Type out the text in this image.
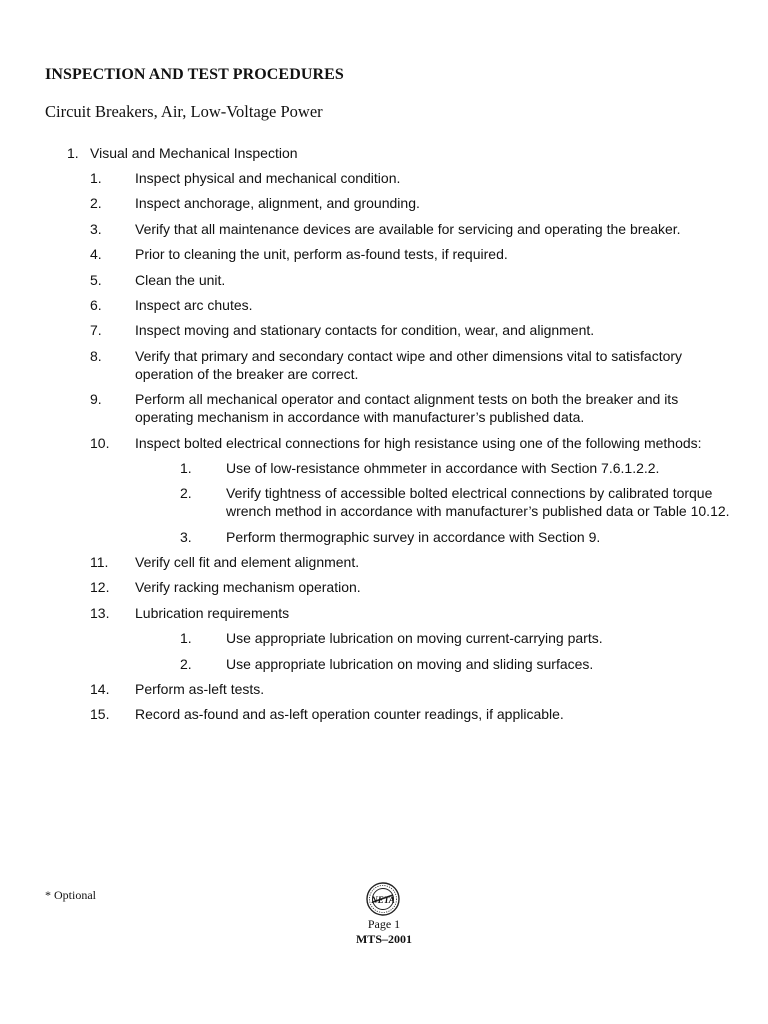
INSPECTION AND TEST PROCEDURES
Circuit Breakers, Air, Low-Voltage Power
1. Visual and Mechanical Inspection
1. Inspect physical and mechanical condition.
2. Inspect anchorage, alignment, and grounding.
3. Verify that all maintenance devices are available for servicing and operating the breaker.
4. Prior to cleaning the unit, perform as-found tests, if required.
5. Clean the unit.
6. Inspect arc chutes.
7. Inspect moving and stationary contacts for condition, wear, and alignment.
8. Verify that primary and secondary contact wipe and other dimensions vital to satisfactory operation of the breaker are correct.
9. Perform all mechanical operator and contact alignment tests on both the breaker and its operating mechanism in accordance with manufacturer’s published data.
10. Inspect bolted electrical connections for high resistance using one of the following methods:
1. Use of low-resistance ohmmeter in accordance with Section 7.6.1.2.2.
2. Verify tightness of accessible bolted electrical connections by calibrated torque wrench method in accordance with manufacturer’s published data or Table 10.12.
3. Perform thermographic survey in accordance with Section 9.
11. Verify cell fit and element alignment.
12. Verify racking mechanism operation.
13. Lubrication requirements
1. Use appropriate lubrication on moving current-carrying parts.
2. Use appropriate lubrication on moving and sliding surfaces.
14. Perform as-left tests.
15. Record as-found and as-left operation counter readings, if applicable.
* Optional	NETA
Page 1
MTS–2001
